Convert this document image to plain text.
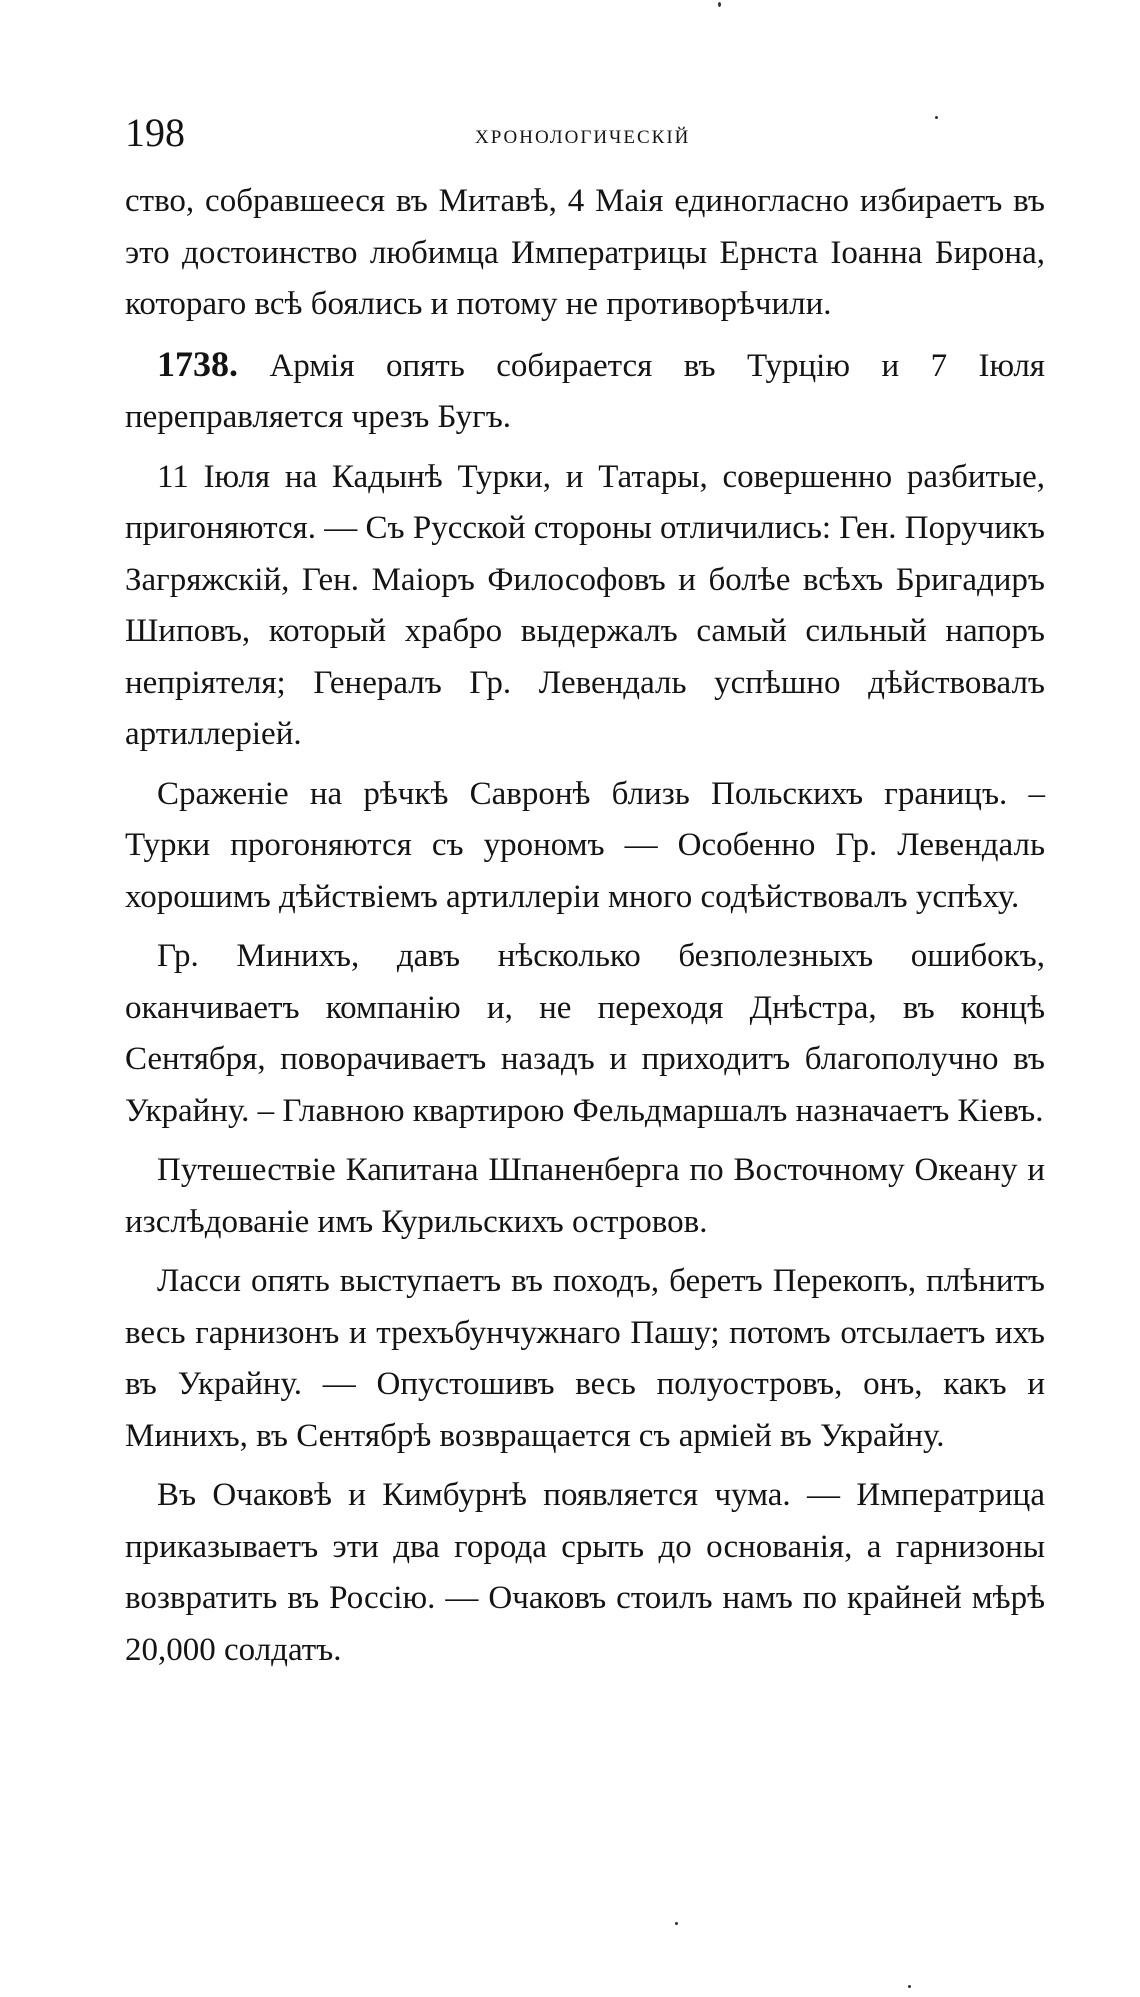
198	хронологическій

ство, собравшееся въ Митавѣ, 4 Маія единогласно избираетъ въ это достоинство любимца Императрицы Ернста Іоанна Бирона, котораго всѣ боялись и потому не противорѣчили.

1738. Армія опять собирается въ Турцію и 7 Іюля переправляется чрезъ Бугъ.

11 Іюля на Кадынѣ Турки, и Татары, совершенно разбитые, пригоняются. — Съ Русской стороны отличились: Ген. Поручикъ Загряжскій, Ген. Маіоръ Философовъ и болѣе всѣхъ Бригадиръ Шиповъ, который храбро выдержалъ самый сильный напоръ непріятеля; Генералъ Гр. Левендаль успѣшно дѣйствовалъ артиллеріей.

Сраженіе на рѣчкѣ Савронѣ близь Польскихъ границъ. – Турки прогоняются съ урономъ — Особенно Гр. Левендаль хорошимъ дѣйствіемъ артиллеріи много содѣйствовалъ успѣху.

Гр. Минихъ, давъ нѣсколько безполезныхъ ошибокъ, оканчиваетъ компанію и, не переходя Днѣстра, въ концѣ Сентября, поворачиваетъ назадъ и приходитъ благополучно въ Украйну. – Главною квартирою Фельдмаршалъ назначаетъ Кіевъ.

Путешествіе Капитана Шпаненберга по Восточному Океану и изслѣдованіе имъ Курильскихъ островов.

Ласси опять выступаетъ въ походъ, беретъ Перекопъ, плѣнитъ весь гарнизонъ и трехъбунчужнаго Пашу; потомъ отсылаетъ ихъ въ Украйну. — Опустошивъ весь полуостровъ, онъ, какъ и Минихъ, въ Сентябрѣ возвращается съ арміей въ Украйну.

Въ Очаковѣ и Кимбурнѣ появляется чума. — Императрица приказываетъ эти два города срыть до основанія, а гарнизоны возвратить въ Россію. — Очаковъ стоилъ намъ по крайней мѣрѣ 20,000 солдатъ.
